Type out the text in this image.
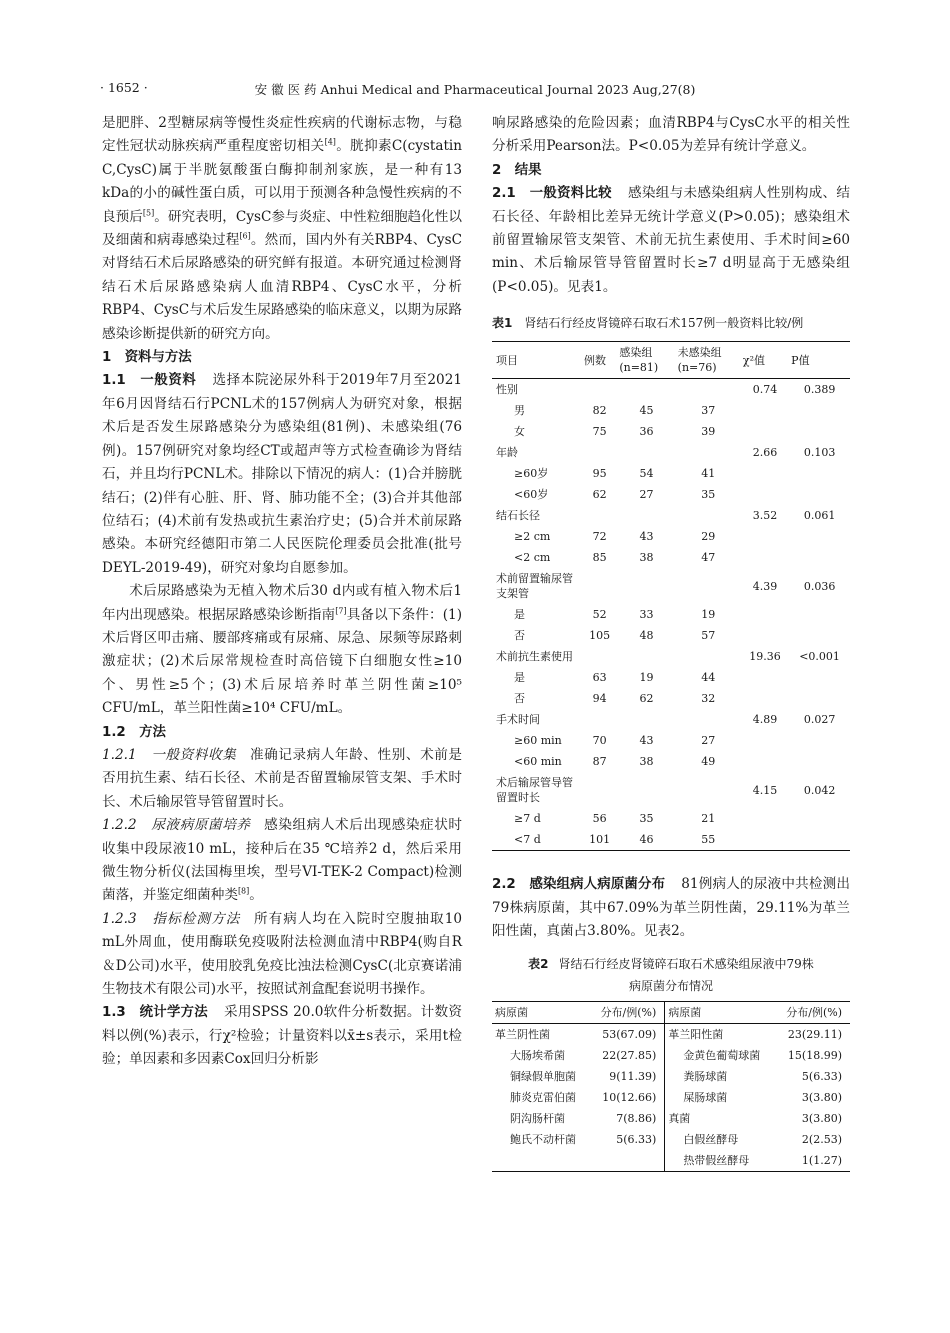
· 1652 ·	安 徽 医 药 Anhui Medical and Pharmaceutical Journal 2023 Aug,27(8)

是肥胖、2型糖尿病等慢性炎症性疾病的代谢标志物，与稳定性冠状动脉疾病严重程度密切相关[4]。胱抑素C(cystatin C,CysC)属于半胱氨酸蛋白酶抑制剂家族，是一种有13 kDa的小的碱性蛋白质，可以用于预测各种急慢性疾病的不良预后[5]。研究表明，CysC参与炎症、中性粒细胞趋化性以及细菌和病毒感染过程[6]。然而，国内外有关RBP4、CysC对肾结石术后尿路感染的研究鲜有报道。本研究通过检测肾结石术后尿路感染病人血清RBP4、CysC水平，分析RBP4、CysC与术后发生尿路感染的临床意义，以期为尿路感染诊断提供新的研究方向。

1　资料与方法

1.1　一般资料 选择本院泌尿外科于2019年7月至2021年6月因肾结石行PCNL术的157例病人为研究对象，根据术后是否发生尿路感染分为感染组(81例)、未感染组(76例)。157例研究对象均经CT或超声等方式检查确诊为肾结石，并且均行PCNL术。排除以下情况的病人：(1)合并膀胱结石；(2)伴有心脏、肝、肾、肺功能不全；(3)合并其他部位结石；(4)术前有发热或抗生素治疗史；(5)合并术前尿路感染。本研究经德阳市第二人民医院伦理委员会批准(批号DEYL-2019-49)，研究对象均自愿参加。

术后尿路感染为无植入物术后30 d内或有植入物术后1年内出现感染。根据尿路感染诊断指南[7]具备以下条件：(1)术后肾区叩击痛、腰部疼痛或有尿痛、尿急、尿频等尿路刺激症状；(2)术后尿常规检查时高倍镜下白细胞女性≥10个、男性≥5个；(3)术后尿培养时革兰阴性菌≥10⁵ CFU/mL，革兰阳性菌≥10⁴ CFU/mL。

1.2　方法

1.2.1　一般资料收集 准确记录病人年龄、性别、术前是否用抗生素、结石长径、术前是否留置输尿管支架、手术时长、术后输尿管导管留置时长。

1.2.2　尿液病原菌培养 感染组病人术后出现感染症状时收集中段尿液10 mL，接种后在35 ℃培养2 d，然后采用微生物分析仪(法国梅里埃，型号VI-TEK-2 Compact)检测菌落，并鉴定细菌种类[8]。

1.2.3　指标检测方法 所有病人均在入院时空腹抽取10 mL外周血，使用酶联免疫吸附法检测血清中RBP4(购自R＆D公司)水平，使用胶乳免疫比浊法检测CysC(北京赛诺浦生物技术有限公司)水平，按照试剂盒配套说明书操作。

1.3　统计学方法 采用SPSS 20.0软件分析数据。计数资料以例(%)表示，行χ²检验；计量资料以x̄±s表示，采用t检验；单因素和多因素Cox回归分析影

响尿路感染的危险因素；血清RBP4与CysC水平的相关性分析采用Pearson法。P<0.05为差异有统计学意义。

2　结果

2.1　一般资料比较 感染组与未感染组病人性别构成、结石长径、年龄相比差异无统计学意义(P>0.05)；感染组术前留置输尿管支架管、术前无抗生素使用、手术时间≥60 min、术后输尿管导管留置时长≥7 d明显高于无感染组(P<0.05)。见表1。

表1 肾结石行经皮肾镜碎石取石术157例一般资料比较/例
项目	例数	感染组
(n=81)	未感染组
(n=76)	χ²值	P值
性别				0.74	0.389
男	82	45	37		
女	75	36	39		
年龄				2.66	0.103
≥60岁	95	54	41		
<60岁	62	27	35		
结石长径				3.52	0.061
≥2 cm	72	43	29		
<2 cm	85	38	47		
术前留置输尿管支架管				4.39	0.036
是	52	33	19		
否	105	48	57		
术前抗生素使用				19.36	<0.001
是	63	19	44		
否	94	62	32		
手术时间				4.89	0.027
≥60 min	70	43	27		
<60 min	87	38	49		
术后输尿管导管留置时长				4.15	0.042
≥7 d	56	35	21		
<7 d	101	46	55		

2.2　感染组病人病原菌分布 81例病人的尿液中共检测出79株病原菌，其中67.09%为革兰阴性菌，29.11%为革兰阳性菌，真菌占3.80%。见表2。

表2 肾结石行经皮肾镜碎石取石术感染组尿液中79株
病原菌分布情况
病原菌	分布/例(%)	病原菌	分布/例(%)
革兰阴性菌	53(67.09)	革兰阳性菌	23(29.11)
大肠埃希菌	22(27.85)	金黄色葡萄球菌	15(18.99)
铜绿假单胞菌	9(11.39)	粪肠球菌	5(6.33)
肺炎克雷伯菌	10(12.66)	屎肠球菌	3(3.80)
阴沟肠杆菌	7(8.86)	真菌	3(3.80)
鲍氏不动杆菌	5(6.33)	白假丝酵母	2(2.53)
		热带假丝酵母	1(1.27)
